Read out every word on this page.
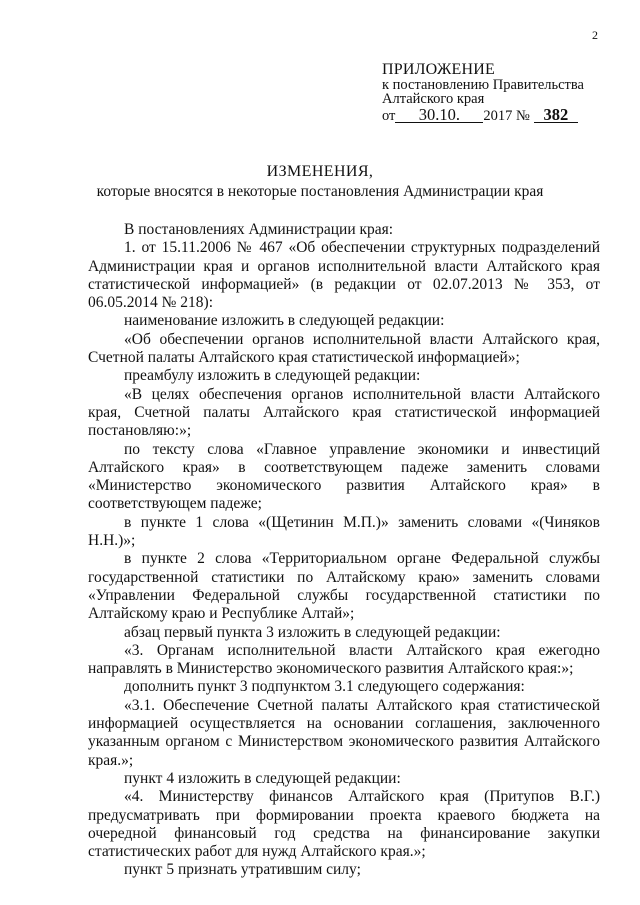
2
ПРИЛОЖЕНИЕ
к постановлению Правительства
Алтайского края
от	30.10.	2017 № 382
ИЗМЕНЕНИЯ,
которые вносятся в некоторые постановления Администрации края

В постановлениях Администрации края:

1. от 15.11.2006 № 467 «Об обеспечении структурных подразделений Администрации края и органов исполнительной власти Алтайского края статистической информацией» (в редакции от 02.07.2013 № 353, от 06.05.2014 № 218):

наименование изложить в следующей редакции:

«Об обеспечении органов исполнительной власти Алтайского края, Счетной палаты Алтайского края статистической информацией»;

преамбулу изложить в следующей редакции:

«В целях обеспечения органов исполнительной власти Алтайского края, Счетной палаты Алтайского края статистической информацией постановляю:»;

по тексту слова «Главное управление экономики и инвестиций Алтайского края» в соответствующем падеже заменить словами «Министерство экономического развития Алтайского края» в соответствующем падеже;

в пункте 1 слова «(Щетинин М.П.)» заменить словами «(Чиняков Н.Н.)»;

в пункте 2 слова «Территориальном органе Федеральной службы государственной статистики по Алтайскому краю» заменить словами «Управлении Федеральной службы государственной статистики по Алтайскому краю и Республике Алтай»;

абзац первый пункта 3 изложить в следующей редакции:

«3. Органам исполнительной власти Алтайского края ежегодно направлять в Министерство экономического развития Алтайского края:»;

дополнить пункт 3 подпунктом 3.1 следующего содержания:

«3.1. Обеспечение Счетной палаты Алтайского края статистической информацией осуществляется на основании соглашения, заключенного указанным органом с Министерством экономического развития Алтайского края.»;

пункт 4 изложить в следующей редакции:

«4. Министерству финансов Алтайского края (Притупов В.Г.) предусматривать при формировании проекта краевого бюджета на очередной финансовый год средства на финансирование закупки статистических работ для нужд Алтайского края.»;

пункт 5 признать утратившим силу;
